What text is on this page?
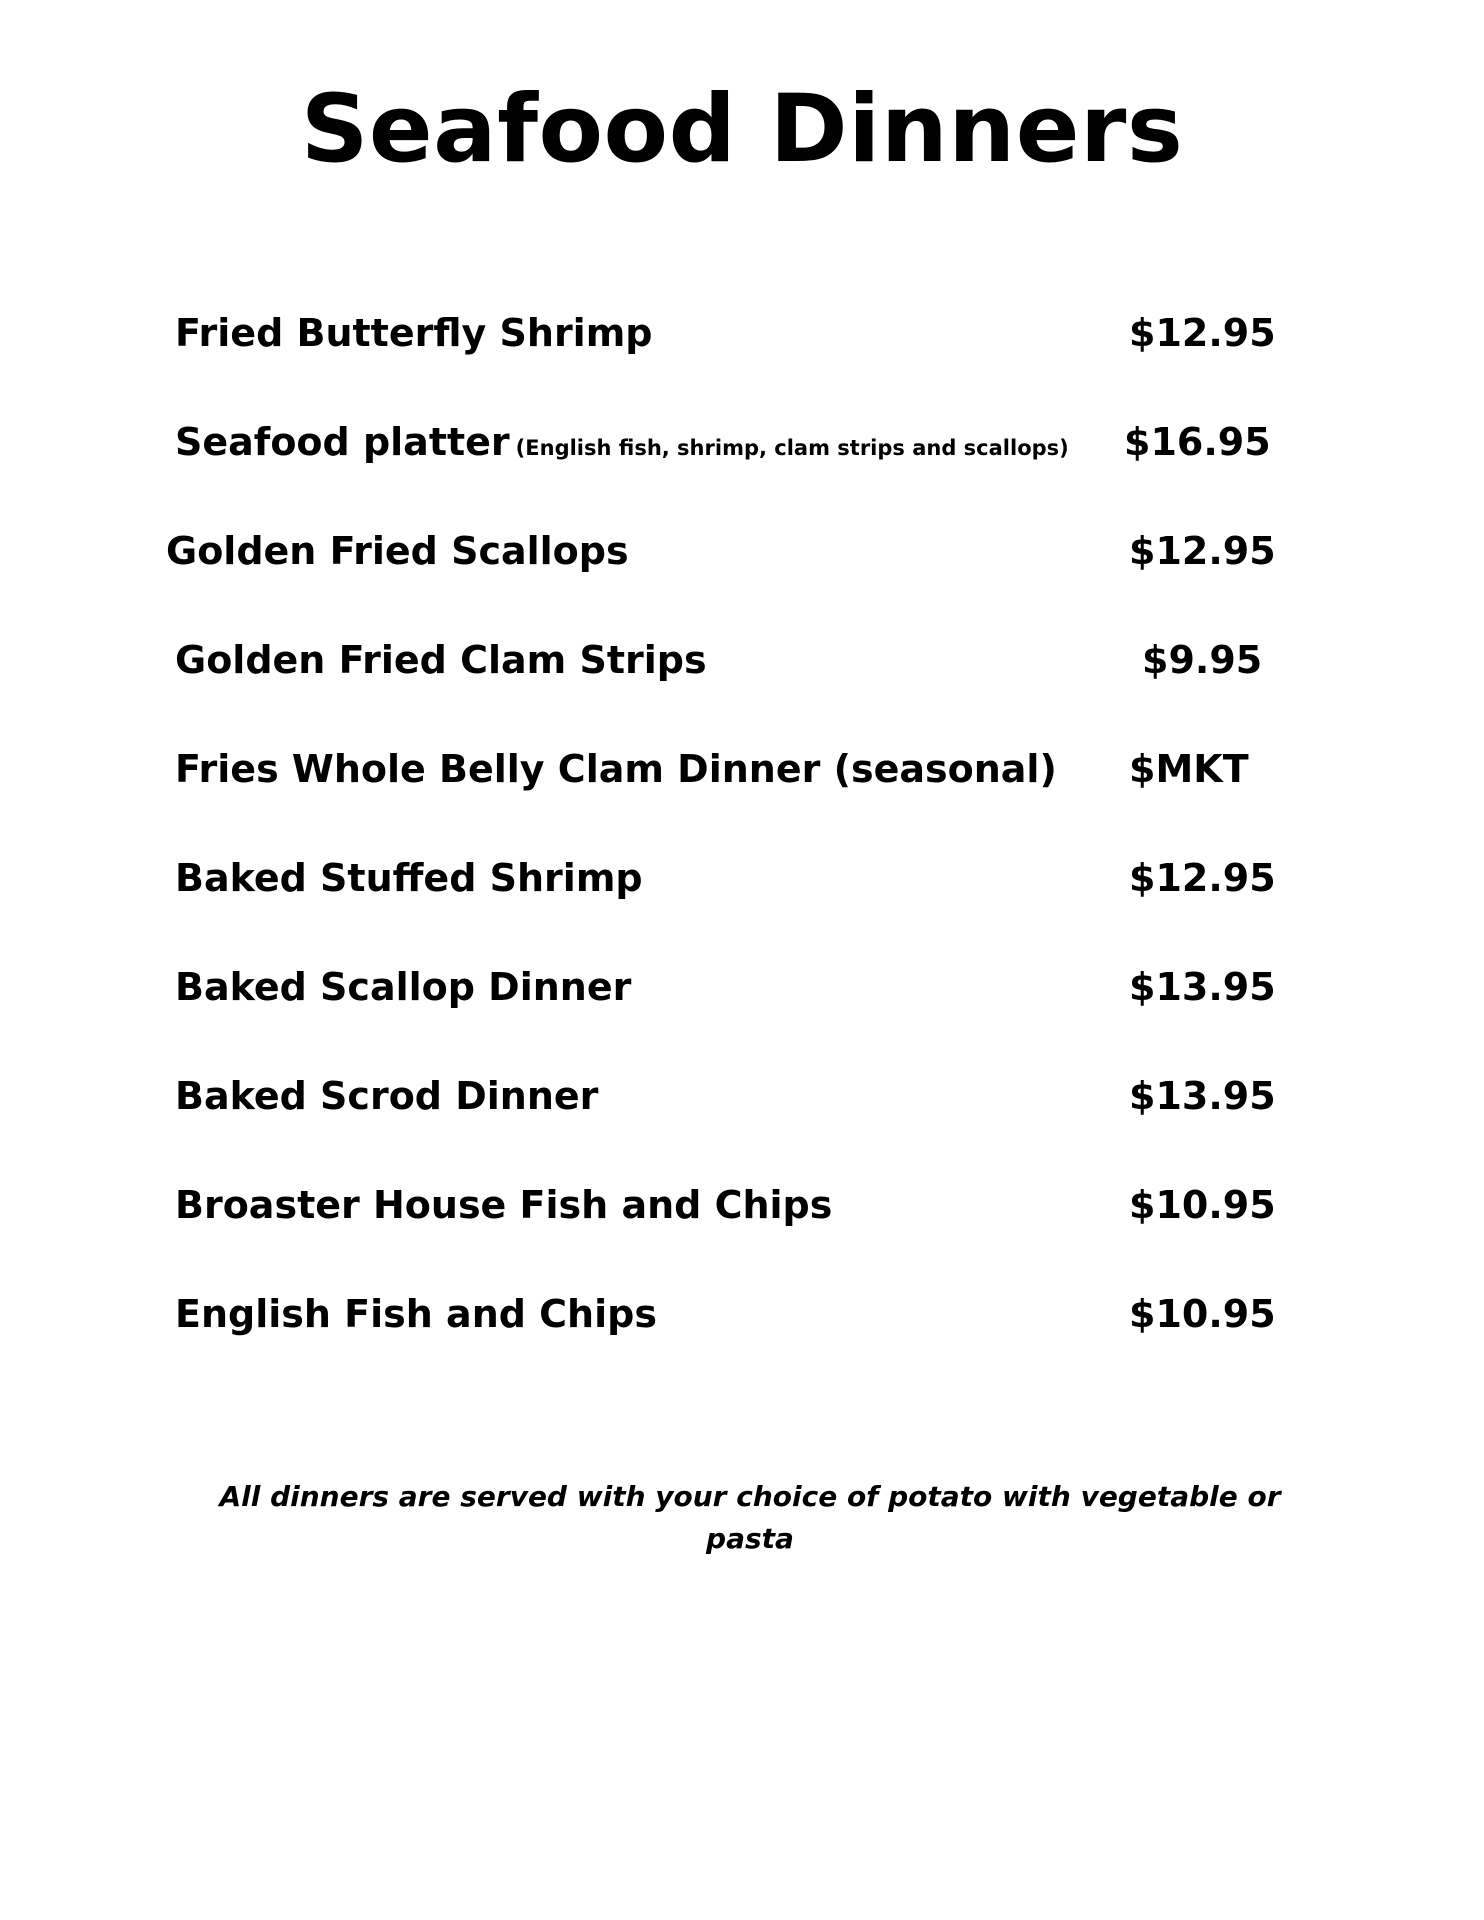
Seafood Dinners
Fried Butterfly Shrimp	$12.95
Seafood platter (English fish, shrimp, clam strips and scallops) $16.95
Golden Fried Scallops	$12.95
Golden Fried Clam Strips	$9.95
Fries Whole Belly Clam Dinner (seasonal) $MKT
Baked Stuffed Shrimp	$12.95
Baked Scallop Dinner	$13.95
Baked Scrod Dinner	$13.95
Broaster House Fish and Chips	$10.95
English Fish and Chips	$10.95
All dinners are served with your choice of potato with vegetable or
pasta
